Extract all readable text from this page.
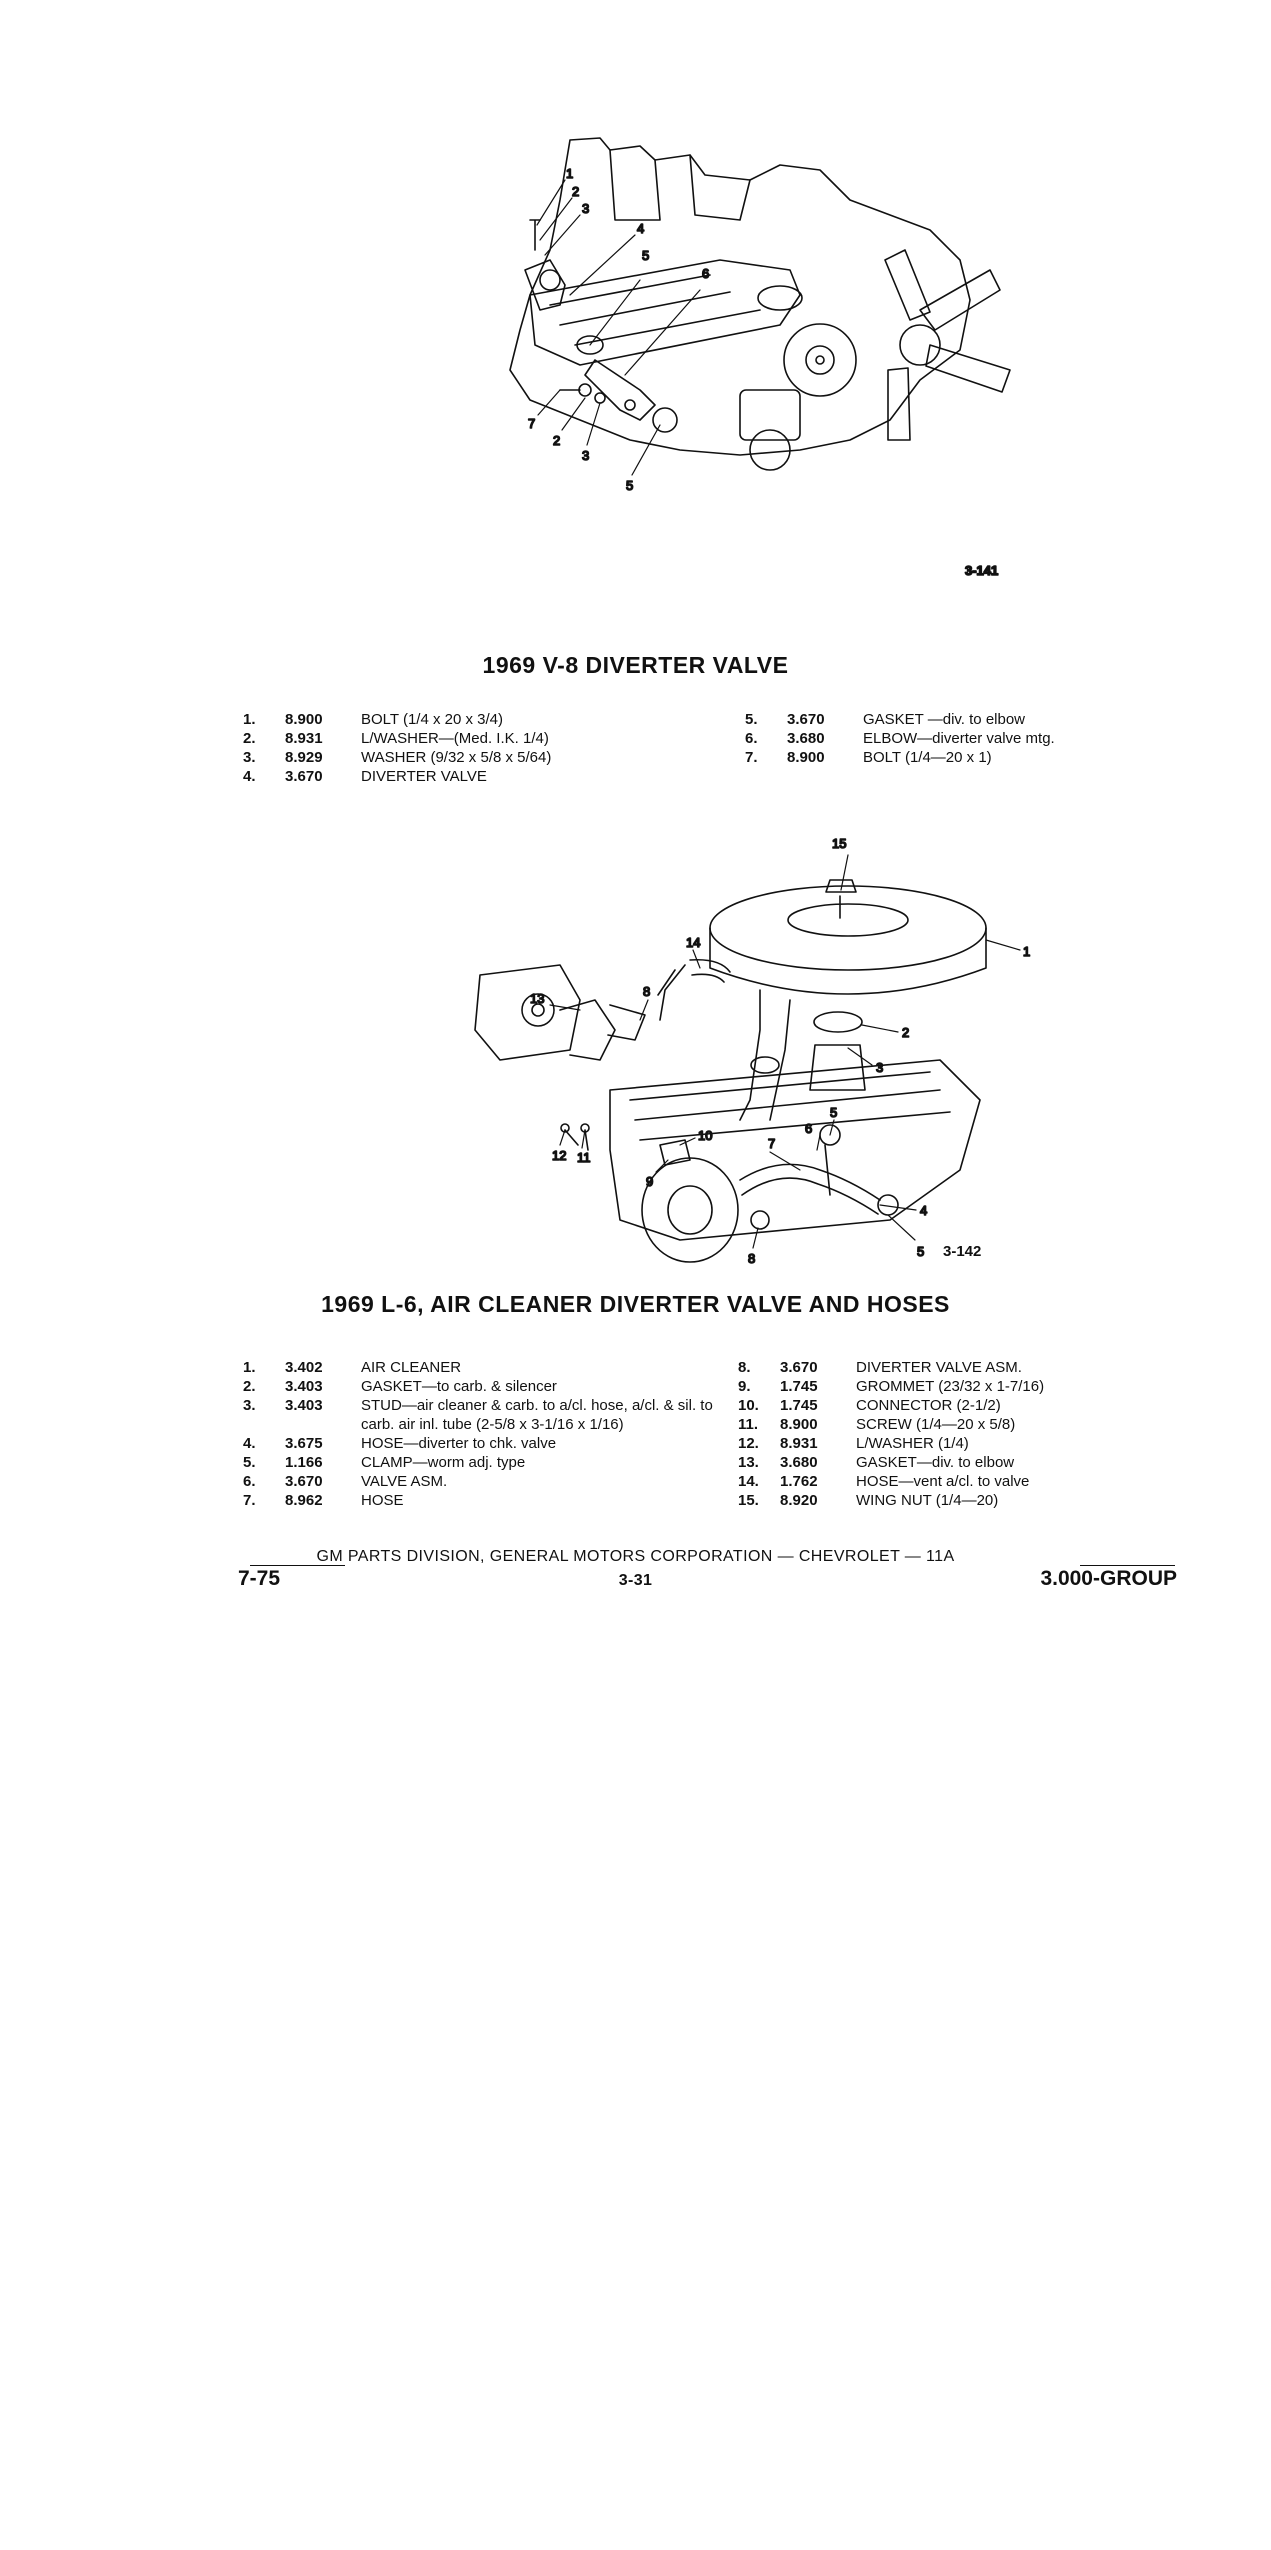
1
2
3
4
5
6
7
2
3
5
3-141
1969 V-8 DIVERTER VALVE
1.	8.900	BOLT (1/4 x 20 x 3/4)
2.	8.931	L/WASHER—(Med. I.K. 1/4)
3.	8.929	WASHER (9/32 x 5/8 x 5/64)
4.	3.670	DIVERTER VALVE
5.	3.670	GASKET —div. to elbow
6.	3.680	ELBOW—diverter valve mtg.
7.	8.900	BOLT (1/4—20 x 1)
15
1
14
13	8
2
3
10	6
5
7
9
4
12 11
8	5 3-142
1969 L-6, AIR CLEANER DIVERTER VALVE AND HOSES
1.	3.402	AIR CLEANER
2.	3.403	GASKET—to carb. & silencer
3.	3.403	STUD—air cleaner & carb. to a/cl. hose, a/cl. & sil. to carb. air inl. tube (2-5/8 x 3-1/16 x 1/16)
4.	3.675	HOSE—diverter to chk. valve
5.	1.166	CLAMP—worm adj. type
6.	3.670	VALVE ASM.
7.	8.962	HOSE
8.	3.670	DIVERTER VALVE ASM.
9.	1.745	GROMMET (23/32 x 1-7/16)
10.	1.745	CONNECTOR (2-1/2)
11.	8.900	SCREW (1/4—20 x 5/8)
12.	8.931	L/WASHER (1/4)
13.	3.680	GASKET—div. to elbow
14.	1.762	HOSE—vent a/cl. to valve
15.	8.920	WING NUT (1/4—20)
GM PARTS DIVISION, GENERAL MOTORS CORPORATION — CHEVROLET — 11A
7-75	3-31	3.000-GROUP
